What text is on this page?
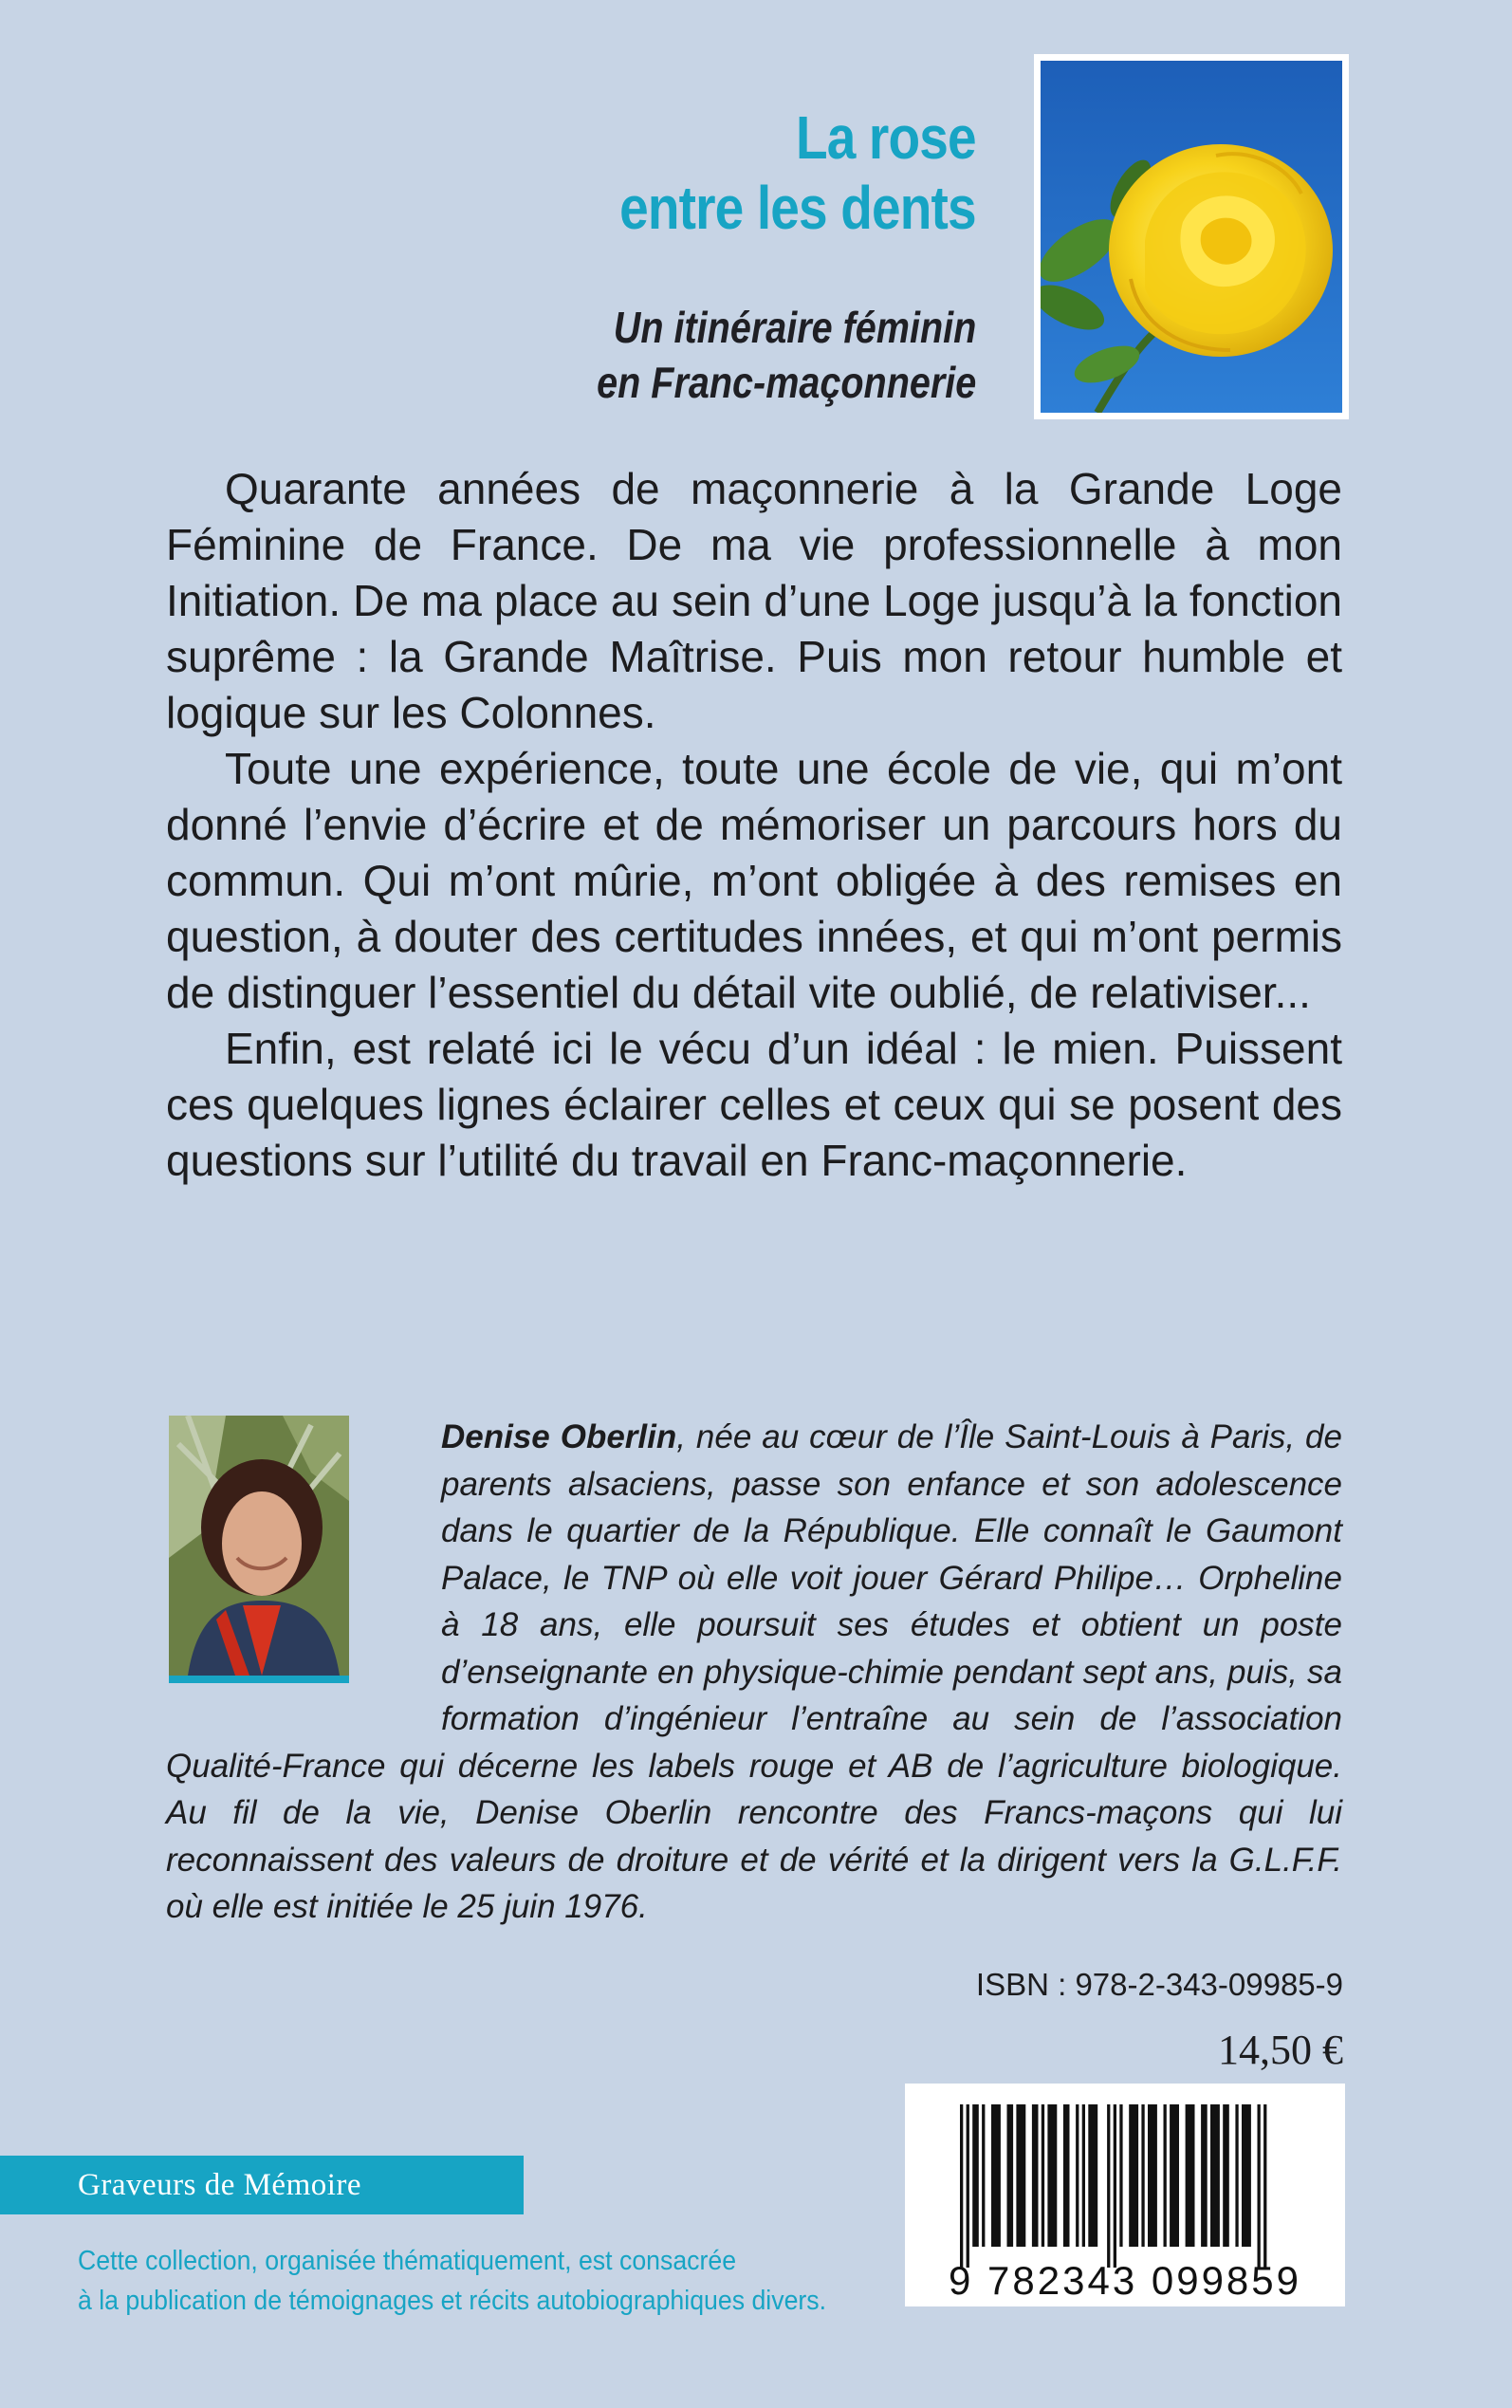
La rose
entre les dents
Un itinéraire féminin
en Franc-maçonnerie

Quarante années de maçonnerie à la Grande Loge Féminine de France. De ma vie professionnelle à mon Initiation. De ma place au sein d’une Loge jusqu’à la fonction suprême : la Grande Maîtrise. Puis mon retour humble et logique sur les Colonnes.

Toute une expérience, toute une école de vie, qui m’ont donné l’envie d’écrire et de mémoriser un parcours hors du commun. Qui m’ont mûrie, m’ont obligée à des remises en question, à douter des certitudes innées, et qui m’ont permis de distinguer l’essentiel du détail vite oublié, de relativiser...

Enfin, est relaté ici le vécu d’un idéal : le mien. Puissent ces quelques lignes éclairer celles et ceux qui se posent des questions sur l’utilité du travail en Franc-maçonnerie.

Denise Oberlin, née au cœur de l’Île Saint-Louis à Paris, de parents alsaciens, passe son enfance et son adolescence dans le quartier de la République. Elle connaît le Gaumont Palace, le TNP où elle voit jouer Gérard Philipe… Orpheline à 18 ans, elle poursuit ses études et obtient un poste d’enseignante en physique-chimie pendant sept ans, puis, sa formation d’ingénieur l’entraîne au sein de l’association Qualité-France qui décerne les labels rouge et AB de l’agriculture biologique. Au fil de la vie, Denise Oberlin rencontre des Francs-maçons qui lui reconnaissent des valeurs de droiture et de vérité et la dirigent vers la G.L.F.F. où elle est initiée le 25 juin 1976.
ISBN : 978-2-343-09985-9
14,50 €
9 782343 099859
Graveurs de Mémoire
Cette collection, organisée thématiquement, est consacrée
à la publication de témoignages et récits autobiographiques divers.
